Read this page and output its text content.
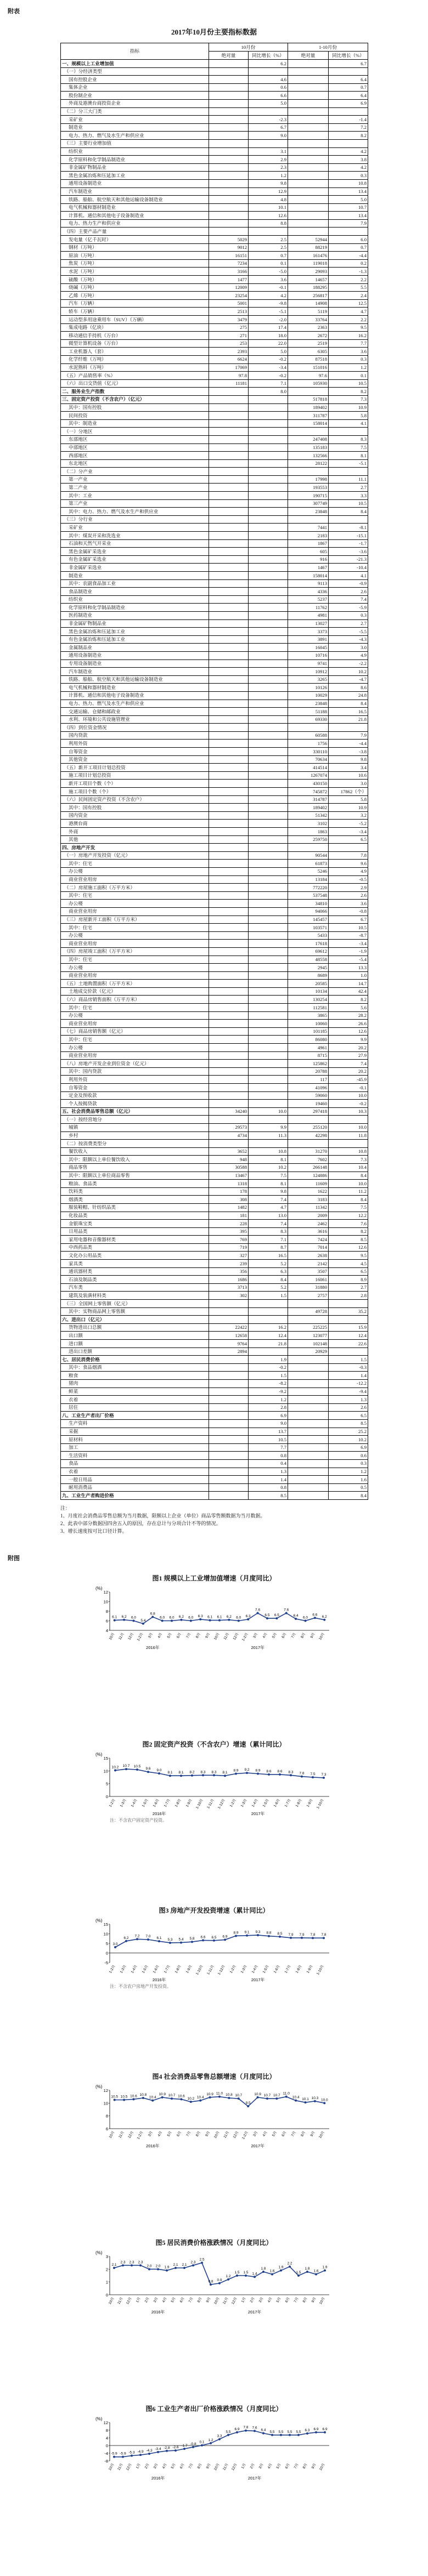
附表
2017年10月份主要指标数据
指标	10月份		1-10月份	
	绝对量	同比增长（%）	绝对量	同比增长（%）
一、规模以上工业增加值		6.2		6.7
（一）分经济类型				
国有控股企业		4.6		6.4
集体企业		0.6		0.7
股份制企业		6.6		6.4
外商及港澳台商投资企业		5.0		6.9
（二）分三大门类				
采矿业		-2.3		-1.4
制造业		6.7		7.2
电力、热力、燃气及水生产和供应业		9.0		8.2
（三）主要行业增加值				
纺织业		3.1		4.2
化学原料和化学制品制造业		2.9		3.8
非金属矿物制品业		2.3		4.2
黑色金属冶炼和压延加工业		1.2		0.3
通用设备制造业		9.8		10.8
汽车制造业		12.9		13.4
铁路、船舶、航空航天和其他运输设备制造业		4.8		5.0
电气机械和器材制造业		10.1		10.7
计算机、通信和其他电子设备制造业		12.6		13.4
电力、热力生产和供应业		8.8		7.9
（四）主要产品产量				
发电量（亿千瓦时）	5029	2.5	52944	6.0
钢材（万吨）	9012	2.5	88219	0.7
原油（万吨）	16151	0.7	161476	-4.4
焦炭（万吨）	7234	0.1	119018	0.2
水泥（万吨）	3166	-5.0	29093	-1.3
硫酸（万吨）	1477	3.6	14657	2.2
烧碱（万吨）	12009	-0.1	188295	5.5
乙烯（万吨）	23254	4.2	256817	2.4
汽车（万辆）	5001	-9.8	14908	12.5
轿车（万辆）	2513	-5.1	5119	4.7
运动型多用途乘用车（SUV）（万辆）	3479	-2.0	33764	2.2
集成电路（亿块）	275	17.4	2363	9.5
移动通信手持机（万台）	271	18.0	2672	16.2
微型计算机设备（万台）	253	22.0	2519	7.7
工业机器人（套）	2393	5.0	6305	3.6
化学纤维（万吨）	6624	-0.2	87518	0.3
水泥熟料（万吨）	17069	-3.4	151016	1.2
（五）产品销售率（%）	97.8	-0.2	97.6	0.1
（六）出口交货值（亿元）	11181	7.1	105930	10.5
二、服务业生产指数		8.0		8.2
三、固定资产投资（不含农户）（亿元）			517818	7.3
其中：国有控股			189402	10.9
民间投资			311787	5.8
其中：制造业			158014	4.1
（一）分地区				
东部地区			247408	8.3
中部地区			135183	7.5
西部地区			132566	8.1
东北地区			28122	-5.1
（二）分产业				
第一产业			17998	11.1
第二产业			193553	2.7
其中：工业			190715	3.3
第三产业			307749	10.5
其中：电力、热力、燃气及水生产和供应业			23848	8.4
（三）分行业				
采矿业			7441	-8.1
其中：煤炭开采和洗选业			2183	-15.1
石油和天然气开采业			1867	-1.7
黑色金属矿采选业			605	-3.6
有色金属矿采选业			916	-21.3
非金属矿采选业			1467	-10.4
制造业			158014	4.1
其中：农副食品加工业			9113	-0.9
食品制造业			4336	2.6
纺织业			5237	7.4
化学原料和化学制品制造业			11762	-5.9
医药制造业			4981	0.3
非金属矿物制品业			13027	2.7
黑色金属冶炼和压延加工业			3373	-5.5
有色金属冶炼和压延加工业			3891	-4.3
金属制品业			16045	3.0
通用设备制造业			10716	4.9
专用设备制造业			9741	-2.2
汽车制造业			10912	10.2
铁路、船舶、航空航天和其他运输设备制造业			3265	-4.7
电气机械和器材制造业			10126	8.6
计算机、通信和其他电子设备制造业			10029	24.8
电力、热力、燃气及水生产和供应业			23848	8.4
交通运输、仓储和邮政业			51188	16.5
水利、环境和公共设施管理业			69330	21.8
（四）到位资金情况				
国内贷款			60588	7.9
利用外资			1756	-4.4
自筹资金			330110	-3.8
其他资金			70634	9.8
（五）新开工项目计划总投资			414514	3.4
施工项目计划总投资			1267074	10.6
新开工项目个数（个）			430150	3.0
施工项目个数（个）			745872	17862（个）
（六）民间固定资产投资（不含农户）			314787	5.8
其中：国有控股			189402	10.9
国内资金			51342	3.2
港澳台商			3102	-5.2
外商			1863	-3.4
其他			259750	6.5
四、房地产开发				
（一）房地产开发投资（亿元）			90544	7.8
其中：住宅			61873	9.6
办公楼			5246	4.9
商业营业用房			13184	-0.5
（二）房屋施工面积（万平方米）			772220	2.9
其中：住宅			537548	2.6
办公楼			34810	3.6
商业营业用房			94066	-0.8
（三）房屋新开工面积（万平方米）			145457	6.7
其中：住宅			103571	10.5
办公楼			5433	-8.7
商业营业用房			17618	-3.4
（四）房屋竣工面积（万平方米）			69612	-1.9
其中：住宅			48558	-5.4
办公楼			2945	13.3
商业营业用房			8689	1.0
（五）土地购置面积（万平方米）			20585	14.7
土地成交价款（亿元）			10134	42.4
（六）商品房销售面积（万平方米）			130254	8.2
其中：住宅			112581	5.6
办公楼			3865	28.2
商业营业用房			10060	26.6
（七）商品房销售额（亿元）			101185	12.6
其中：住宅			86080	9.9
办公楼			4961	20.2
商业营业用房			8715	27.9
（八）房地产开发企业到位资金（亿元）			125862	7.4
其中：国内贷款			20788	20.2
利用外资			117	-45.9
自筹资金			41096	-0.1
定金及预收款			59060	10.0
个人按揭贷款			19460	-0.2
五、社会消费品零售总额（亿元）	34240	10.0	297418	10.3
（一）按经营地分				
城镇	29573	9.9	255120	10.0
乡村	4734	11.3	42298	11.8
（二）按消费类型分				
餐饮收入	3652	10.8	31270	10.8
其中：限额以上单位餐饮收入	948	8.1	7602	7.3
商品零售	30588	10.2	266148	10.4
其中：限额以上单位商品零售	13467	7.5	124886	8.4
粮油、食品类	1318	8.1	11609	10.0
饮料类	178	9.8	1622	11.2
烟酒类	308	7.4	3183	8.4
服装鞋帽、针纺织品类	1482	4.7	11342	7.5
化妆品类	181	13.0	2009	12.2
金银珠宝类	228	7.4	2462	7.6
日用品类	395	8.3	3616	8.2
家用电器和音像器材类	769	7.1	7424	8.5
中西药品类	719	8.7	7014	12.6
文化办公用品类	327	16.5	2638	9.5
家具类	239	5.2	2142	4.5
通讯器材类	356	6.3	3507	6.5
石油及制品类	1686	8.4	16061	8.9
汽车类	3713	5.2	31880	2.7
建筑及装潢材料类	302	1.5	2757	2.8
（三）全国网上零售额（亿元）				
其中：实物商品网上零售额			49728	35.2
六、进出口（亿元）				
货物进出口总额	22422	16.2	225225	15.9
出口额	12658	12.4	123077	12.4
进口额	9764	21.8	102148	22.6
进出口差额	2894		20929	
七、居民消费价格		1.9		1.5
其中：食品烟酒		-0.2		-0.3
粮食		1.5		1.4
猪肉		-8.2		-12.2
鲜菜		-9.2		-9.4
衣着		1.2		1.3
居住		2.8		2.6
八、工业生产者出厂价格		6.9		6.5
生产资料		9.0		8.5
采掘		13.7		25.2
原材料		10.5		10.2
加工		7.7		6.9
生活资料		0.8		0.6
食品		0.4		0.3
衣着		1.3		1.2
一般日用品		1.4		1.6
耐用消费品		0.8		0.5
九、工业生产者购进价格		8.5		8.4
注：
1、月度社会消费品零售总额为当月数据，限额以上企业（单位）商品零售额数据为当月数据。
2、此表中部分数据因四舍五入的原因，存在总计与分项合计不等的情况。
3、增长速度按可比口径计算。
附图
图1 规模以上工业增加值增速（月度同比）
(%)
4
6
8
10
12
6.1
10月
6.2
11月
6.0
12月
5.4
1-2月
6.8
3月
6.0
4月
6.0
5月
6.2
6月
6.0
7月
6.3
8月
6.1
9月
6.1
10月
6.2
11月
6.0
12月
6.3
1-2月
7.6
3月
6.5
4月
6.5
5月
7.6
6月
6.4
7月
6.0
8月
6.6
9月
6.2
10月
2016年	2017年
图2 固定资产投资（不含农户）增速（累计同比）
(%)
0
5
10
15
10.2
1-2月
10.7
1-3月
10.5
1-4月
9.6
1-5月
9.0
1-6月
8.1
1-7月
8.1
1-8月
8.2
1-9月
8.3
1-10月
8.3
1-11月
8.1
1-12月
8.9
1-2月
9.2
1-3月
8.9
1-4月
8.6
1-5月
8.6
1-6月
8.3
1-7月
7.8
1-8月
7.5
1-9月
7.3
1-10月
2016年	2017年
注：不含农户固定资产投资。
图3 房地产开发投资增速（累计同比）
(%)
-5
0
5
10
15
3.0
1-2月
6.2
1-3月
7.2
1-4月
7.0
1-5月
6.1
1-6月
5.3
1-7月
5.4
1-8月
5.8
1-9月
6.6
1-10月
6.5
1-11月
6.9
1-12月
8.9
1-2月
9.1
1-3月
9.3
1-4月
8.8
1-5月
8.5
1-6月
7.9
1-7月
7.9
1-8月
7.8
1-9月
7.8
1-10月
2016年	2017年
注：不含农户房地产开发投资。
图4 社会消费品零售总额增速（月度同比）
(%)
6
8
10
12
10.5
10月
10.5
11月
10.6
12月
10.8
1-2月
10.4
3月
10.9
4月
10.7
5月
10.6
6月
10.2
7月
10.4
8月
10.9
9月
11.0
10月
10.8
11月
10.7
12月
9.5
1-2月
10.9
3月
10.7
4月
10.7
5月
11.0
6月
10.4
7月
10.1
8月
10.3
9月
10.0
10月
2016年	2017年
图5 居民消费价格涨跌情况（月度同比）
(%)
0
1
2
3
2.1
10月
2.3
11月
2.3
12月
2.3
1月
2.0
2月
2.0
3月
1.9
4月
2.1
5月
2.1
6月
2.3
7月
2.5
8月
0.8
9月
0.9
10月
1.2
11月
1.5
12月
1.5
1月
1.4
2月
1.8
3月
1.6
4月
1.9
5月
2.2
6月
1.5
7月
1.8
8月
1.6
9月
1.9
10月
2016年	2017年
图6 工业生产者出厂价格涨跌情况（月度同比）
(%)
-8
-4
0
4
8
12
-5.9
10月
-5.9
11月
-5.3
12月
-4.9
1月
-4.3
2月
-3.4
3月
-2.8
4月
-2.6
5月
-1.7
6月
-0.8
7月
0.1
8月
1.2
9月
3.3
10月
5.5
11月
6.9
12月
7.8
1月
7.6
2月
6.4
3月
5.5
4月
5.5
5月
5.5
6月
5.5
7月
6.3
8月
6.9
9月
6.9
10月
2016年	2017年
